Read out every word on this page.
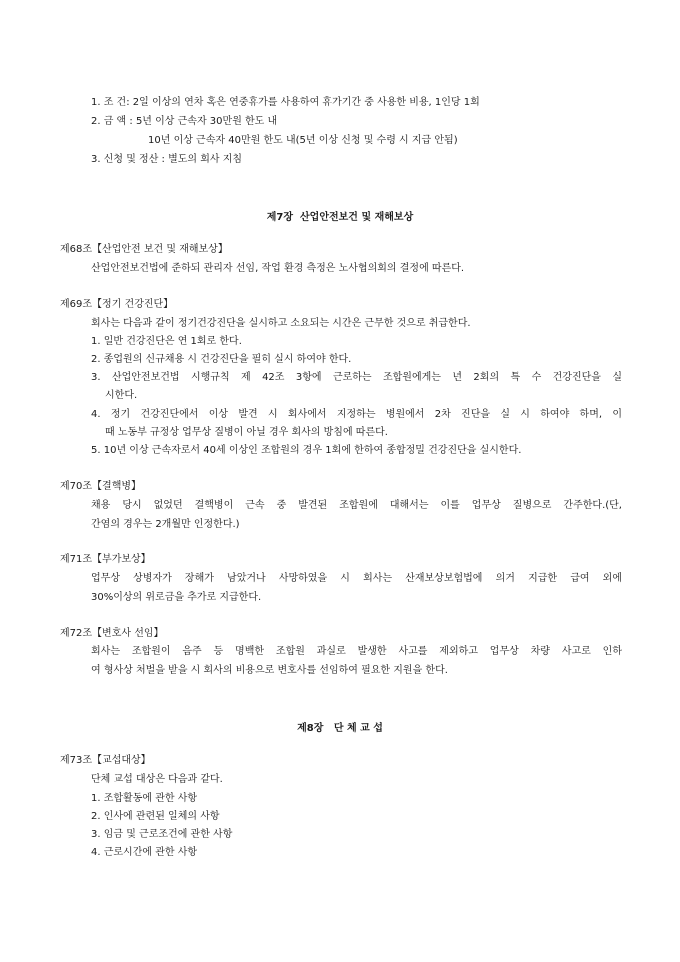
1. 조 건: 2일 이상의 연차 혹은 연중휴가를 사용하여 휴가기간 중 사용한 비용, 1인당 1회
2. 금 액 : 5년 이상 근속자 30만원 한도 내
10년 이상 근속자 40만원 한도 내(5년 이상 신청 및 수령 시 지급 안됨)
3. 신청 및 정산 : 별도의 회사 지침
제7장  산업안전보건 및 재해보상
제68조【산업안전 보건 및 재해보상】
산업안전보건법에 준하되 관리자 선임, 작업 환경 측정은 노사협의회의 결정에 따른다.
제69조【정기 건강진단】
회사는 다음과 같이 정기건강진단을 실시하고 소요되는 시간은 근무한 것으로 취급한다.
1. 일반 건강진단은 연 1회로 한다.
2. 종업원의 신규채용 시 건강진단을 필히 실시 하여야 한다.
3. 산업안전보건법 시행규칙 제 42조 3항에 근로하는 조합원에게는 년 2회의 특 수 건강진단을 실
시한다.
4. 정기 건강진단에서 이상 발견 시 회사에서 지정하는 병원에서 2차 진단을 실 시 하여야 하며, 이
때 노동부 규정상 업무상 질병이 아닐 경우 회사의 방침에 따른다.
5. 10년 이상 근속자로서 40세 이상인 조합원의 경우 1회에 한하여 종합정밀 건강진단을 실시한다.
제70조【결핵병】
채용 당시 없었던 결핵병이 근속 중 발견된 조합원에 대해서는 이를 업무상 질병으로 간주한다.(단,
간염의 경우는 2개월만 인정한다.)
제71조【부가보상】
업무상 상병자가 장해가 남았거나 사망하였을 시 회사는 산재보상보험법에 의거 지급한 급여 외에
30%이상의 위로금을 추가로 지급한다.
제72조【변호사 선임】
회사는 조합원이 음주 등 명백한 조합원 과실로 발생한 사고를 제외하고 업무상 차량 사고로 인하
여 형사상 처벌을 받을 시 회사의 비용으로 변호사를 선임하여 필요한 지원을 한다.
제8장   단 체 교 섭
제73조【교섭대상】
단체 교섭 대상은 다음과 같다.
1. 조합활동에 관한 사항
2. 인사에 관련된 일체의 사항
3. 임금 및 근로조건에 관한 사항
4. 근로시간에 관한 사항
